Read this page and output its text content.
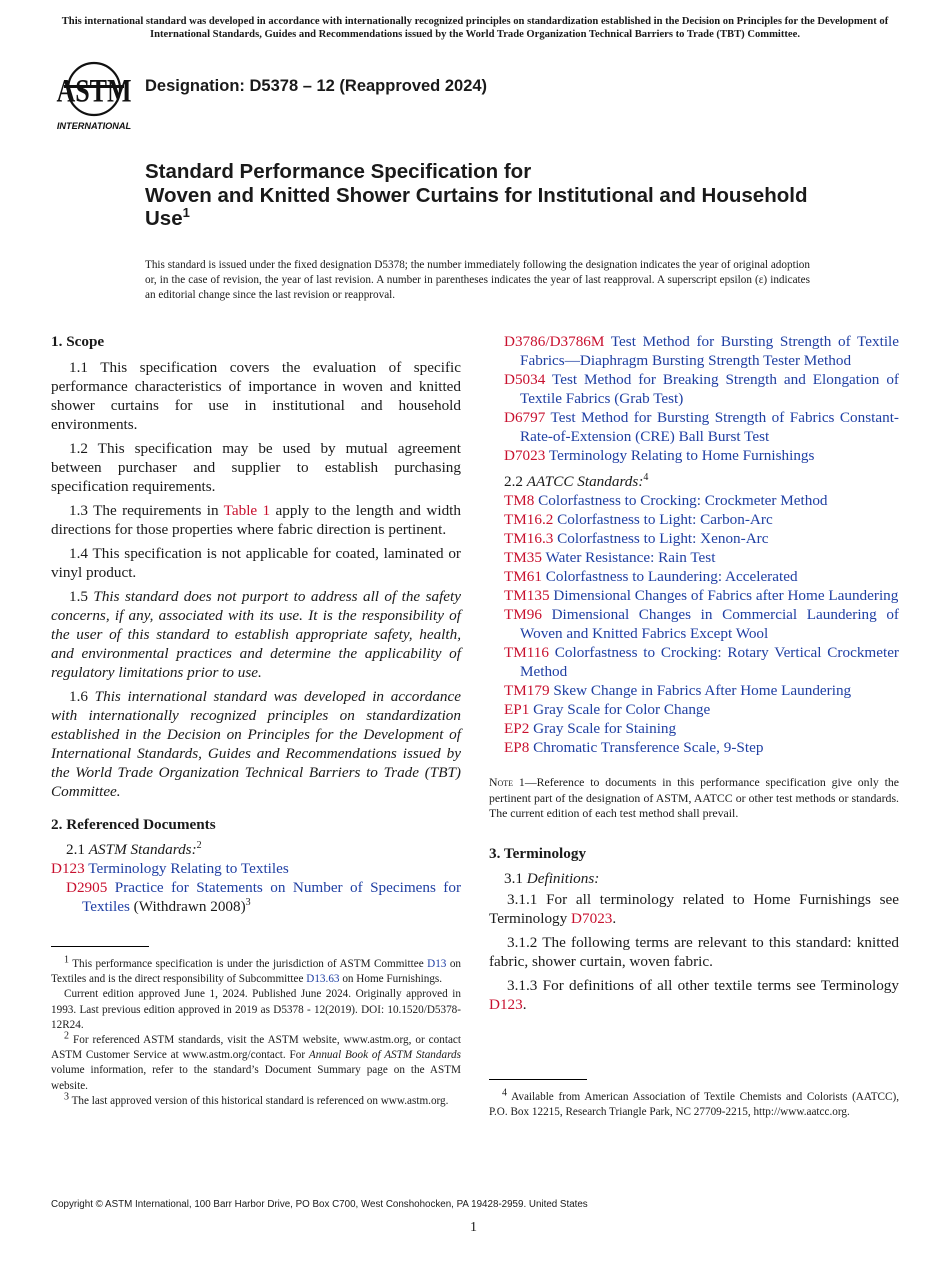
This international standard was developed in accordance with internationally recognized principles on standardization established in the Decision on Principles for the Development of International Standards, Guides and Recommendations issued by the World Trade Organization Technical Barriers to Trade (TBT) Committee.
ASTM
INTERNATIONAL
Designation: D5378 – 12 (Reapproved 2024)
Standard Performance Specification for
Woven and Knitted Shower Curtains for Institutional and Household Use$^1$
This standard is issued under the fixed designation D5378; the number immediately following the designation indicates the year of original adoption or, in the case of revision, the year of last revision. A number in parentheses indicates the year of last reapproval. A superscript epsilon (ε) indicates an editorial change since the last revision or reapproval.

1. Scope

1.1 This specification covers the evaluation of specific performance characteristics of importance in woven and knitted shower curtains for use in institutional and household environments.

1.2 This specification may be used by mutual agreement between purchaser and supplier to establish purchasing specification requirements.

1.3 The requirements in Table 1 apply to the length and width directions for those properties where fabric direction is pertinent.

1.4 This specification is not applicable for coated, laminated or vinyl product.

1.5 This standard does not purport to address all of the safety concerns, if any, associated with its use. It is the responsibility of the user of this standard to establish appropriate safety, health, and environmental practices and determine the applicability of regulatory limitations prior to use.

1.6 This international standard was developed in accordance with internationally recognized principles on standardization established in the Decision on Principles for the Development of International Standards, Guides and Recommendations issued by the World Trade Organization Technical Barriers to Trade (TBT) Committee.

2. Referenced Documents

2.1 ASTM Standards:$^2$

D123 Terminology Relating to Textiles

D2905 Practice for Statements on Number of Specimens for Textiles (Withdrawn 2008)$^3$

$^1$ This performance specification is under the jurisdiction of ASTM Committee D13 on Textiles and is the direct responsibility of Subcommittee D13.63 on Home Furnishings.

Current edition approved June 1, 2024. Published June 2024. Originally approved in 1993. Last previous edition approved in 2019 as D5378 - 12(2019). DOI: 10.1520/D5378-12R24.

$^2$ For referenced ASTM standards, visit the ASTM website, www.astm.org, or contact ASTM Customer Service at www.astm.org/contact. For Annual Book of ASTM Standards volume information, refer to the standard’s Document Summary page on the ASTM website.

$^3$ The last approved version of this historical standard is referenced on www.astm.org.

D3786/D3786M Test Method for Bursting Strength of Textile Fabrics—Diaphragm Bursting Strength Tester Method

D5034 Test Method for Breaking Strength and Elongation of Textile Fabrics (Grab Test)

D6797 Test Method for Bursting Strength of Fabrics Constant-Rate-of-Extension (CRE) Ball Burst Test

D7023 Terminology Relating to Home Furnishings

2.2 AATCC Standards:$^4$

TM8 Colorfastness to Crocking: Crockmeter Method

TM16.2 Colorfastness to Light: Carbon-Arc

TM16.3 Colorfastness to Light: Xenon-Arc

TM35 Water Resistance: Rain Test

TM61 Colorfastness to Laundering: Accelerated

TM135 Dimensional Changes of Fabrics after Home Laundering

TM96 Dimensional Changes in Commercial Laundering of Woven and Knitted Fabrics Except Wool

TM116 Colorfastness to Crocking: Rotary Vertical Crockmeter Method

TM179 Skew Change in Fabrics After Home Laundering

EP1 Gray Scale for Color Change

EP2 Gray Scale for Staining

EP8 Chromatic Transference Scale, 9-Step

Note 1—Reference to documents in this performance specification give only the pertinent part of the designation of ASTM, AATCC or other test methods or standards. The current edition of each test method shall prevail.

3. Terminology

3.1 Definitions:

3.1.1 For all terminology related to Home Furnishings see Terminology D7023.

3.1.2 The following terms are relevant to this standard: knitted fabric, shower curtain, woven fabric.

3.1.3 For definitions of all other textile terms see Terminology D123.

$^4$ Available from American Association of Textile Chemists and Colorists (AATCC), P.O. Box 12215, Research Triangle Park, NC 27709-2215, http://www.aatcc.org.

Copyright © ASTM International, 100 Barr Harbor Drive, PO Box C700, West Conshohocken, PA 19428-2959. United States
1
